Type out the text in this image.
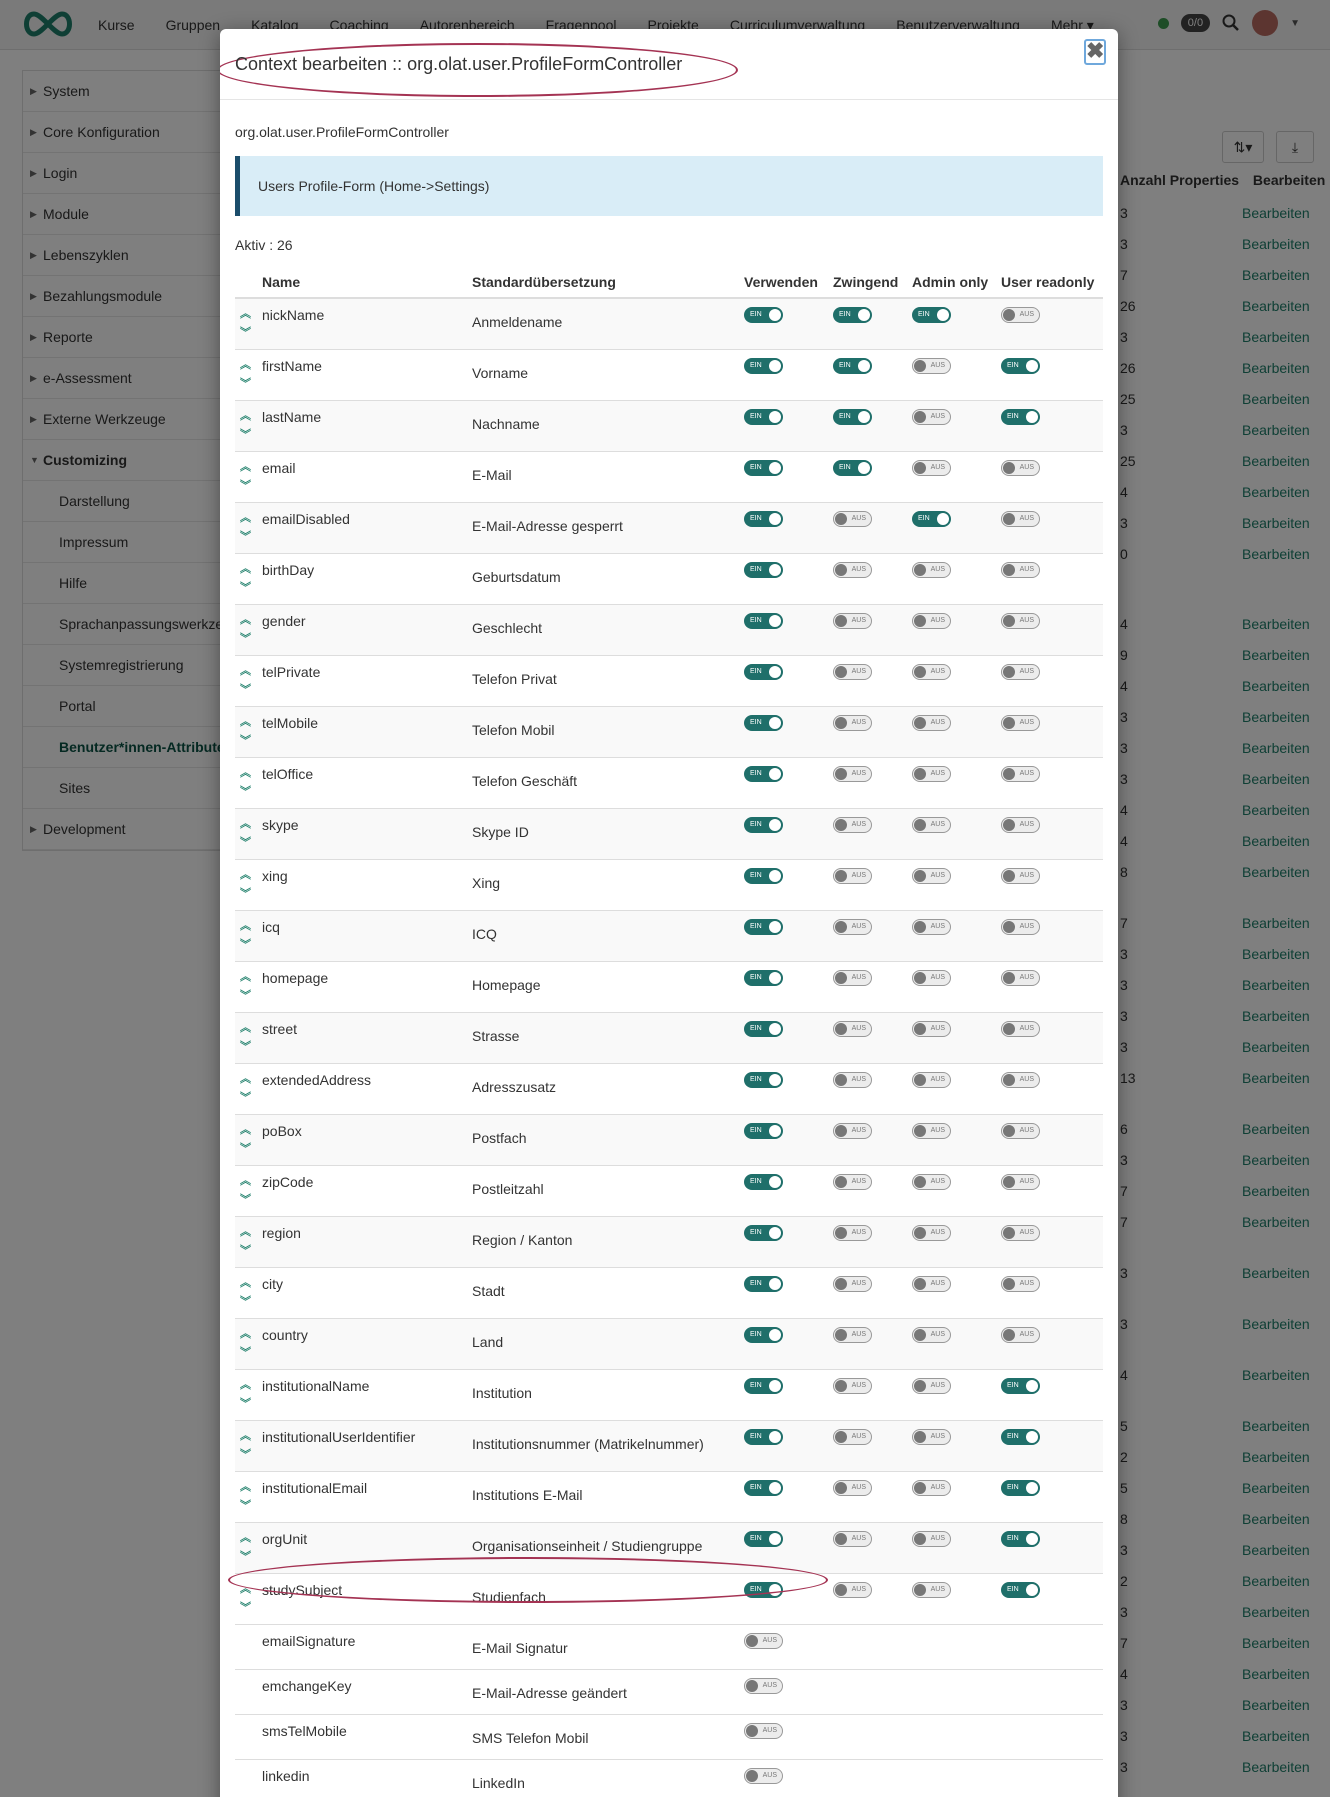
Context bearbeiten :: org.olat.user.ProfileFormController
✖
org.olat.user.ProfileFormController
Users Profile-Form (Home->Settings)
Aktiv : 26
	Name	Standardübersetzung	Verwenden	Zwingend	Admin only	User readonly

︽
︾	nickName	Anmeldename	EIN	EIN	EIN	AUS

︽
︾	firstName	Vorname	EIN	EIN	AUS	EIN

︽
︾	lastName	Nachname	EIN	EIN	AUS	EIN

︽
︾	email	E-Mail	EIN	EIN	AUS	AUS

︽
︾	emailDisabled	E-Mail-Adresse gesperrt	EIN	AUS	EIN	AUS

︽
︾	birthDay	Geburtsdatum	EIN	AUS	AUS	AUS

︽
︾	gender	Geschlecht	EIN	AUS	AUS	AUS

︽
︾	telPrivate	Telefon Privat	EIN	AUS	AUS	AUS

︽
︾	telMobile	Telefon Mobil	EIN	AUS	AUS	AUS

︽
︾	telOffice	Telefon Geschäft	EIN	AUS	AUS	AUS

︽
︾	skype	Skype ID	EIN	AUS	AUS	AUS

︽
︾	xing	Xing	EIN	AUS	AUS	AUS

︽
︾	icq	ICQ	EIN	AUS	AUS	AUS

︽
︾	homepage	Homepage	EIN	AUS	AUS	AUS

︽
︾	street	Strasse	EIN	AUS	AUS	AUS

︽
︾	extendedAddress	Adresszusatz	EIN	AUS	AUS	AUS

︽
︾	poBox	Postfach	EIN	AUS	AUS	AUS

︽
︾	zipCode	Postleitzahl	EIN	AUS	AUS	AUS

︽
︾	region	Region / Kanton	EIN	AUS	AUS	AUS

︽
︾	city	Stadt	EIN	AUS	AUS	AUS

︽
︾	country	Land	EIN	AUS	AUS	AUS

︽
︾	institutionalName	Institution	EIN	AUS	AUS	EIN

︽
︾	institutionalUserIdentifier	Institutionsnummer (Matrikelnummer)	EIN	AUS	AUS	EIN

︽
︾	institutionalEmail	Institutions E-Mail	EIN	AUS	AUS	EIN

︽
︾	orgUnit	Organisationseinheit / Studiengruppe	EIN	AUS	AUS	EIN

︽
︾	studySubject	Studienfach	EIN	AUS	AUS	EIN

	emailSignature	E-Mail Signatur	AUS			

	emchangeKey	E-Mail-Adresse geändert	AUS			

	smsTelMobile	SMS Telefon Mobil	AUS			

	linkedin	LinkedIn	AUS			
